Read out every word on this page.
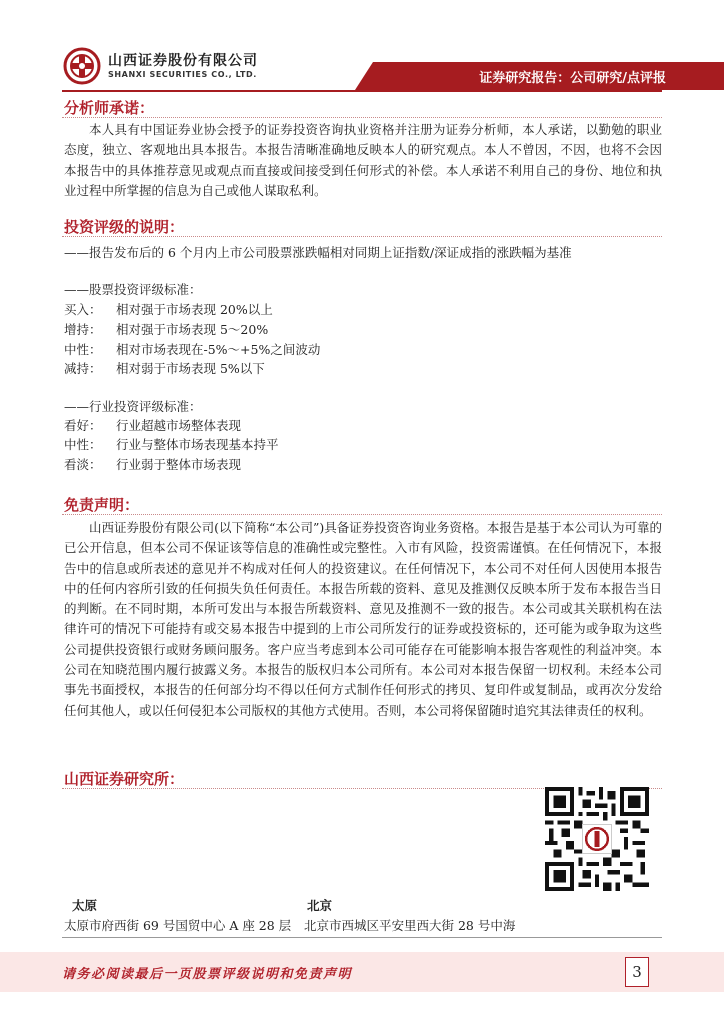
山西证券股份有限公司
SHANXI SECURITIES CO., LTD.	证券研究报告：公司研究/点评报
分析师承诺：
本人具有中国证券业协会授予的证券投资咨询执业资格并注册为证券分析师，本人承诺，以勤勉的职业态度，独立、客观地出具本报告。本报告清晰准确地反映本人的研究观点。本人不曾因，不因，也将不会因本报告中的具体推荐意见或观点而直接或间接受到任何形式的补偿。本人承诺不利用自己的身份、地位和执业过程中所掌握的信息为自己或他人谋取私利。
投资评级的说明：
——报告发布后的 6 个月内上市公司股票涨跌幅相对同期上证指数/深证成指的涨跌幅为基准
——股票投资评级标准：
买入： 相对强于市场表现 20%以上
增持： 相对强于市场表现 5～20%
中性： 相对市场表现在-5%～+5%之间波动
减持： 相对弱于市场表现 5%以下
——行业投资评级标准：
看好： 行业超越市场整体表现
中性： 行业与整体市场表现基本持平
看淡： 行业弱于整体市场表现
免责声明：
山西证券股份有限公司(以下简称“本公司”)具备证券投资咨询业务资格。本报告是基于本公司认为可靠的已公开信息，但本公司不保证该等信息的准确性或完整性。入市有风险，投资需谨慎。在任何情况下，本报告中的信息或所表述的意见并不构成对任何人的投资建议。在任何情况下，本公司不对任何人因使用本报告中的任何内容所引致的任何损失负任何责任。本报告所载的资料、意见及推测仅反映本所于发布本报告当日的判断。在不同时期，本所可发出与本报告所载资料、意见及推测不一致的报告。本公司或其关联机构在法律许可的情况下可能持有或交易本报告中提到的上市公司所发行的证券或投资标的，还可能为或争取为这些公司提供投资银行或财务顾问服务。客户应当考虑到本公司可能存在可能影响本报告客观性的利益冲突。本公司在知晓范围内履行披露义务。本报告的版权归本公司所有。本公司对本报告保留一切权利。未经本公司事先书面授权，本报告的任何部分均不得以任何方式制作任何形式的拷贝、复印件或复制品，或再次分发给任何其他人，或以任何侵犯本公司版权的其他方式使用。否则，本公司将保留随时追究其法律责任的权利。
山西证券研究所：
太原
太原市府西街 69 号国贸中心 A 座 28 层
北京
北京市西城区平安里西大街 28 号中海
请务必阅读最后一页股票评级说明和免责声明	3
